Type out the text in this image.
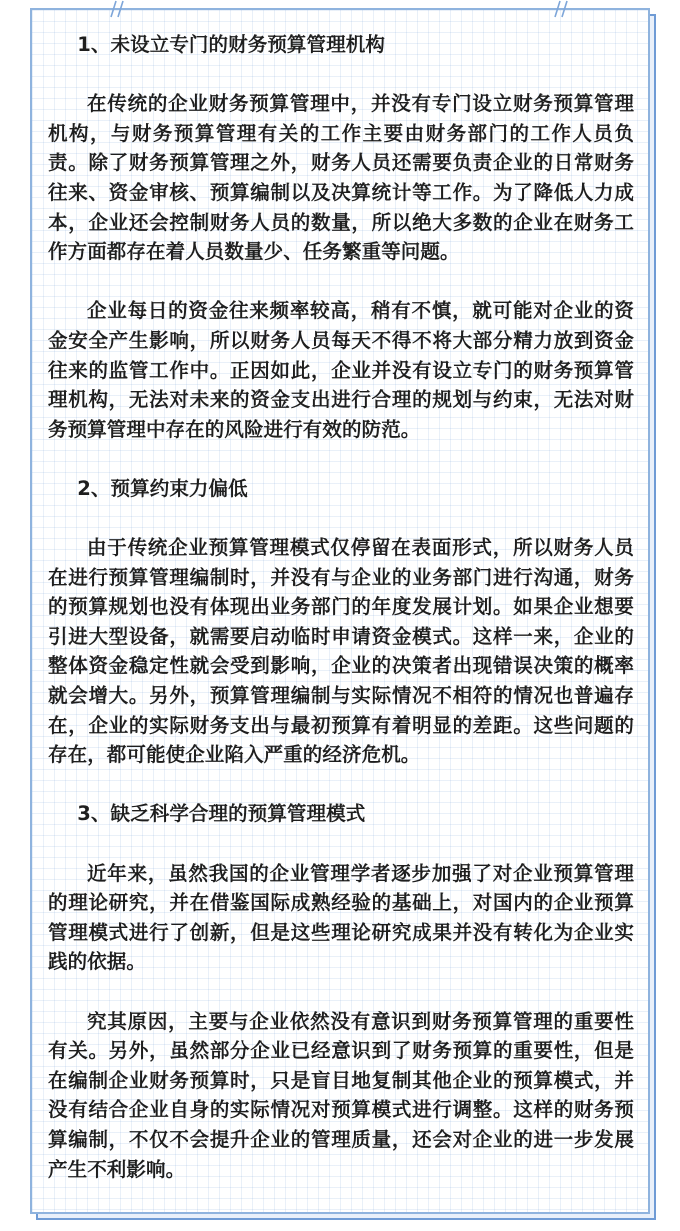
1、未设立专门的财务预算管理机构

在传统的企业财务预算管理中，并没有专门设立财务预算管理机构，与财务预算管理有关的工作主要由财务部门的工作人员负责。除了财务预算管理之外，财务人员还需要负责企业的日常财务往来、资金审核、预算编制以及决算统计等工作。为了降低人力成本，企业还会控制财务人员的数量，所以绝大多数的企业在财务工作方面都存在着人员数量少、任务繁重等问题。

企业每日的资金往来频率较高，稍有不慎，就可能对企业的资金安全产生影响，所以财务人员每天不得不将大部分精力放到资金往来的监管工作中。正因如此，企业并没有设立专门的财务预算管理机构，无法对未来的资金支出进行合理的规划与约束，无法对财务预算管理中存在的风险进行有效的防范。

2、预算约束力偏低

由于传统企业预算管理模式仅停留在表面形式，所以财务人员在进行预算管理编制时，并没有与企业的业务部门进行沟通，财务的预算规划也没有体现出业务部门的年度发展计划。如果企业想要引进大型设备，就需要启动临时申请资金模式。这样一来，企业的整体资金稳定性就会受到影响，企业的决策者出现错误决策的概率就会增大。另外，预算管理编制与实际情况不相符的情况也普遍存在，企业的实际财务支出与最初预算有着明显的差距。这些问题的存在，都可能使企业陷入严重的经济危机。

3、缺乏科学合理的预算管理模式

近年来，虽然我国的企业管理学者逐步加强了对企业预算管理的理论研究，并在借鉴国际成熟经验的基础上，对国内的企业预算管理模式进行了创新，但是这些理论研究成果并没有转化为企业实践的依据。

究其原因，主要与企业依然没有意识到财务预算管理的重要性有关。另外，虽然部分企业已经意识到了财务预算的重要性，但是在编制企业财务预算时，只是盲目地复制其他企业的预算模式，并没有结合企业自身的实际情况对预算模式进行调整。这样的财务预算编制，不仅不会提升企业的管理质量，还会对企业的进一步发展产生不利影响。
